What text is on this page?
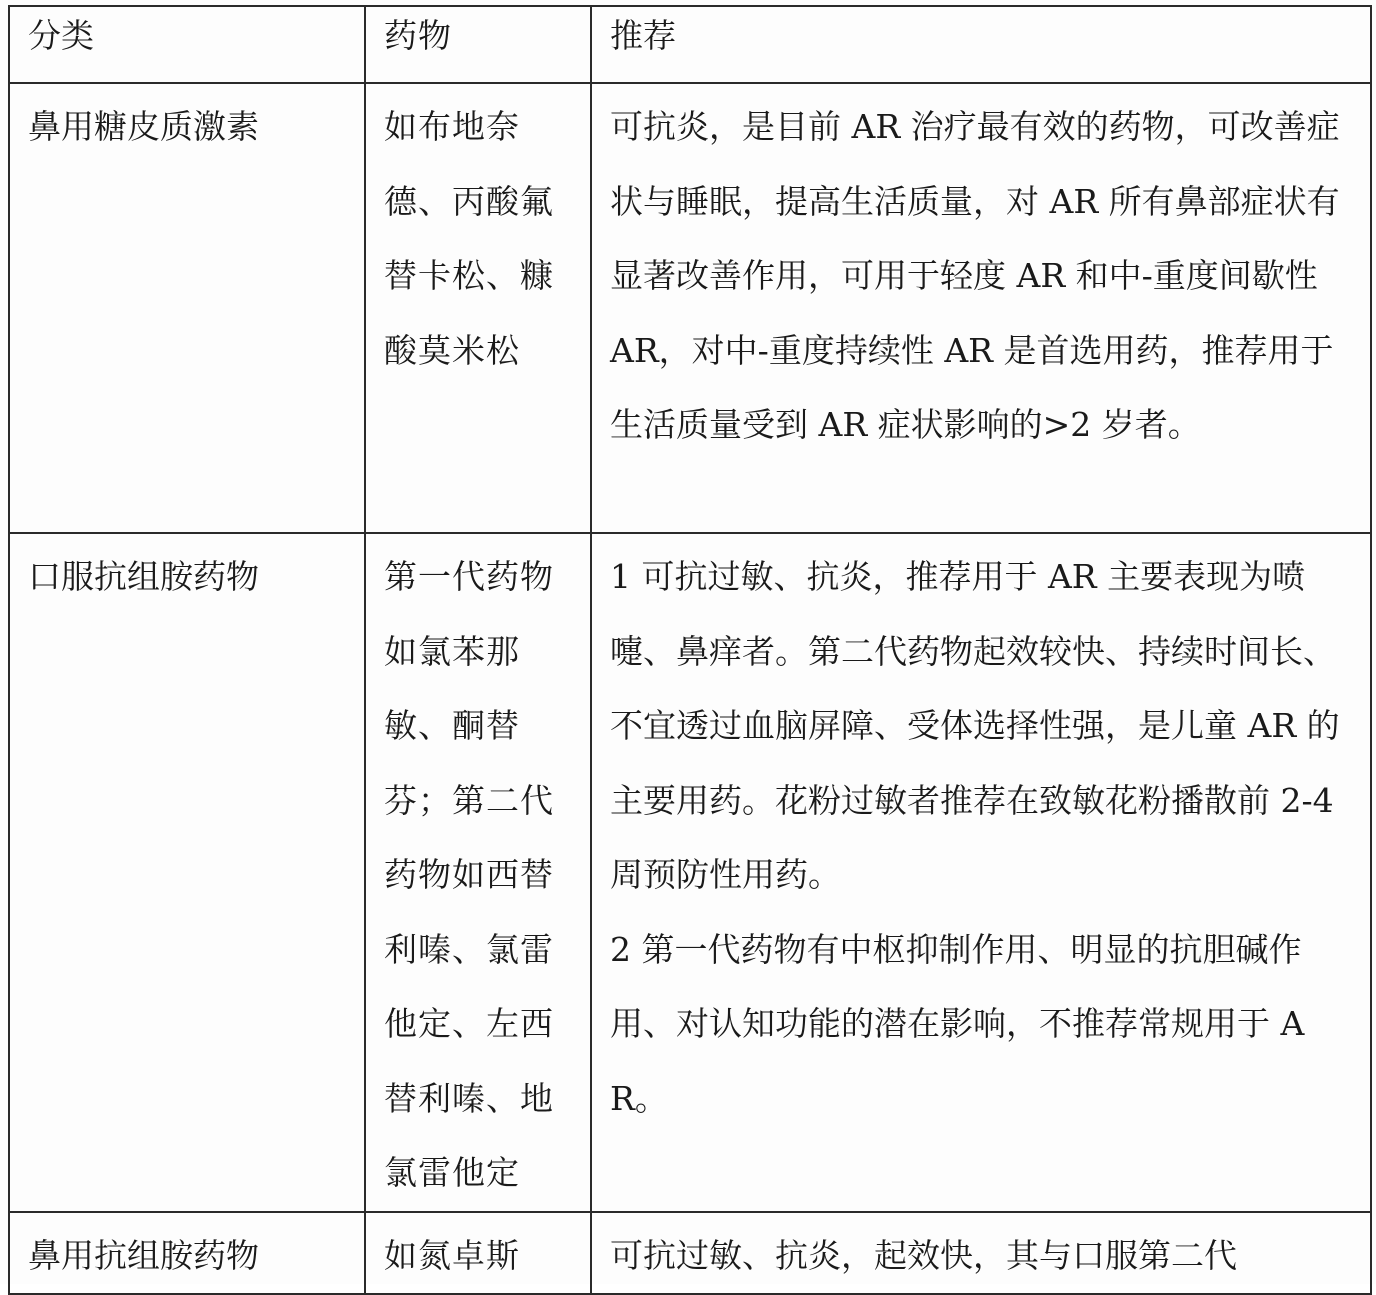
分类	药物	推荐

鼻用糖皮质激素	如布地奈德、丙酸氟替卡松、糠酸莫米松	可抗炎，是目前 AR 治疗最有效的药物，可改善症状与睡眠，提高生活质量，对 AR 所有鼻部症状有显著改善作用，可用于轻度 AR 和中-重度间歇性 AR，对中-重度持续性 AR 是首选用药，推荐用于生活质量受到 AR 症状影响的>2 岁者。

口服抗组胺药物	第一代药物如氯苯那敏、酮替芬；第二代药物如西替利嗪、氯雷他定、左西替利嗪、地氯雷他定	1 可抗过敏、抗炎，推荐用于 AR 主要表现为喷嚏、鼻痒者。第二代药物起效较快、持续时间长、不宜透过血脑屏障、受体选择性强，是儿童 AR 的主要用药。花粉过敏者推荐在致敏花粉播散前 2-4 周预防性用药。
2 第一代药物有中枢抑制作用、明显的抗胆碱作用、对认知功能的潜在影响，不推荐常规用于 AR。

鼻用抗组胺药物	如氮卓斯	可抗过敏、抗炎，起效快，其与口服第二代
